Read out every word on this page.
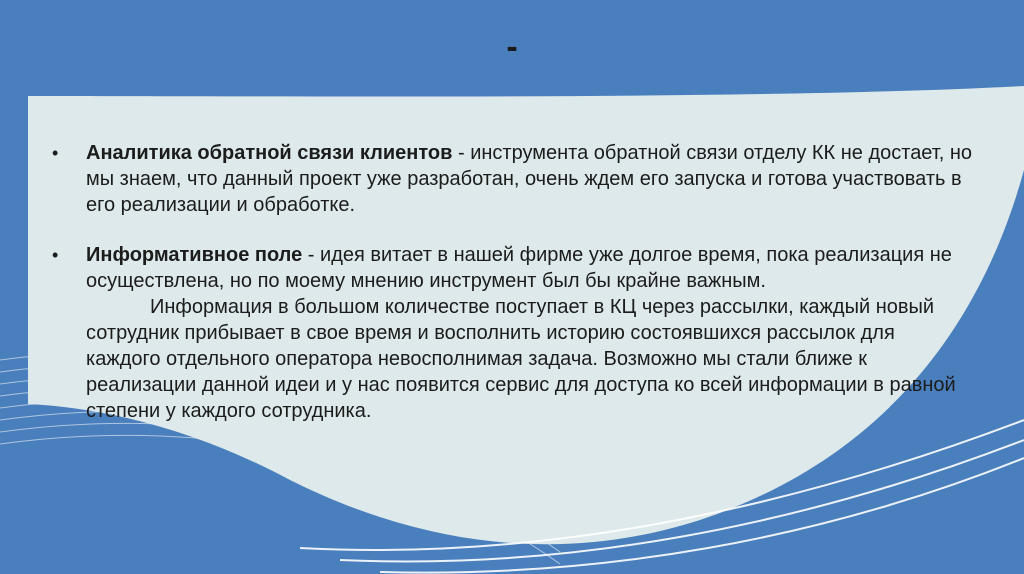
-
•	Аналитика обратной связи клиентов - инструмента обратной связи отделу КК не достает, но мы знаем, что данный проект уже разработан, очень ждем его запуска и готова участвовать в его реализации и обработке.
•	Информативное поле - идея витает в нашей фирме уже долгое время, пока реализация не осуществлена, но по моему мнению инструмент был бы крайне важным.
Информация в большом количестве поступает в КЦ через рассылки, каждый новый сотрудник прибывает в свое время и восполнить историю состоявшихся рассылок для каждого отдельного оператора невосполнимая задача. Возможно мы стали ближе к реализации данной идеи и у нас появится сервис для доступа ко всей информации в равной степени у каждого сотрудника.
